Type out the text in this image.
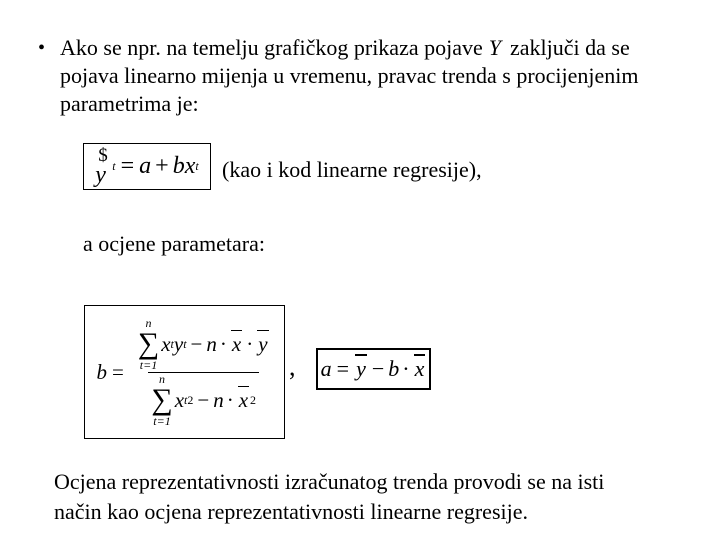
• Ako se npr. na temelju grafičkog prikaza pojave Y zaključi da se
pojava linearno mijenja u vremenu, pravac trenda s procijenjenim
parametrima je:
$
y t = a + b x t (kao i kod linearne regresije),
a ocjene parametara:
b =
n
∑
t=1
x t y t − n · x · y
n
∑
t=1
x t 2 − n · x 2
, a = y − b · x
Ocjena reprezentativnosti izračunatog trenda provodi se na isti
način kao ocjena reprezentativnosti linearne regresije.
